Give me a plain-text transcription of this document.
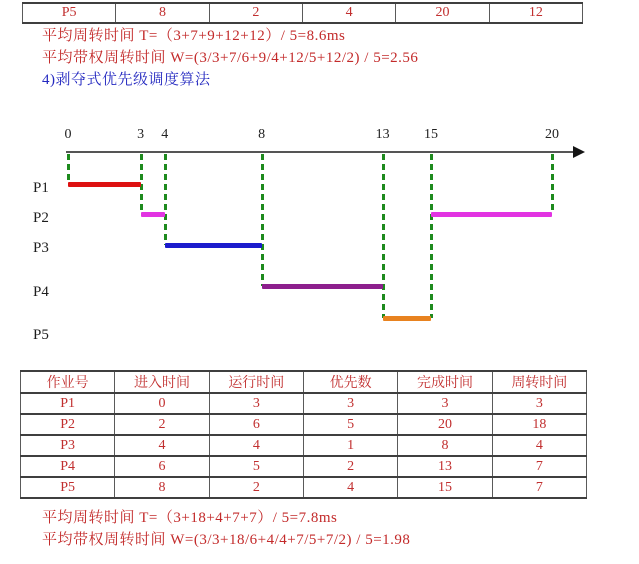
P5	8	2	4	20	12
平均周转时间 T=（3+7+9+12+12）/ 5=8.6ms
平均带权周转时间 W=(3/3+7/6+9/4+12/5+12/2) / 5=2.56
4)剥夺式优先级调度算法
0	3	4	8	13	15	20
P1
P2
P3
P4
P5
作业号	进入时间	运行时间	优先数	完成时间	周转时间
P1	0	3	3	3	3
P2	2	6	5	20	18
P3	4	4	1	8	4
P4	6	5	2	13	7
P5	8	2	4	15	7
平均周转时间 T=（3+18+4+7+7）/ 5=7.8ms
平均带权周转时间 W=(3/3+18/6+4/4+7/5+7/2) / 5=1.98
